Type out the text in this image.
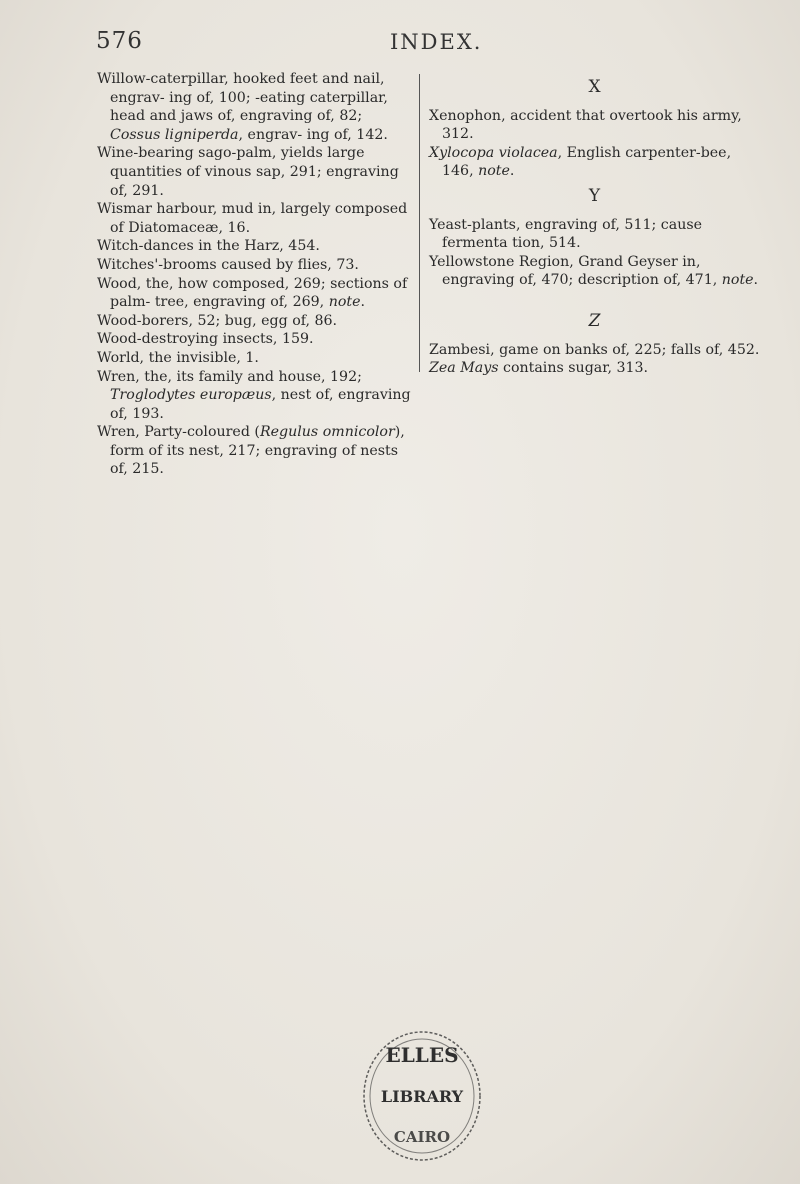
576	INDEX.

Willow-caterpillar, hooked feet and nail, engrav- ing of, 100; -eating caterpillar, head and jaws of, engraving of, 82; Cossus ligniperda, engrav- ing of, 142.

Wine-bearing sago-palm, yields large quantities of vinous sap, 291; engraving of, 291.

Wismar harbour, mud in, largely composed of Diatomaceæ, 16.

Witch-dances in the Harz, 454.

Witches'-brooms caused by flies, 73.

Wood, the, how composed, 269; sections of palm- tree, engraving of, 269, note.

Wood-borers, 52; bug, egg of, 86.

Wood-destroying insects, 159.

World, the invisible, 1.

Wren, the, its family and house, 192; Troglodytes europæus, nest of, engraving of, 193.

Wren, Party-coloured (Regulus omnicolor), form of its nest, 217; engraving of nests of, 215.

X

Xenophon, accident that overtook his army, 312.

Xylocopa violacea, English carpenter-bee, 146, note.

Y

Yeast-plants, engraving of, 511; cause fermenta tion, 514.

Yellowstone Region, Grand Geyser in, engraving of, 470; description of, 471, note.

Z

Zambesi, game on banks of, 225; falls of, 452.

Zea Mays contains sugar, 313.

ELLES
LIBRARY
CAIRO
